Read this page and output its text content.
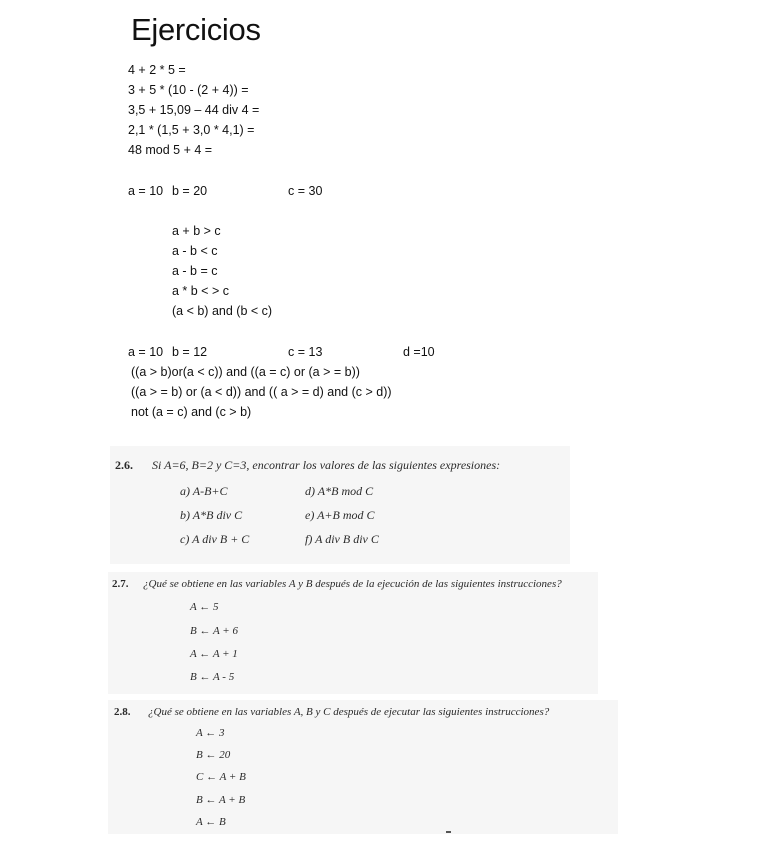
Ejercicios
4 + 2 * 5 =
3 + 5 * (10 - (2 + 4)) =
3,5 + 15,09 – 44 div 4 =
2,1 * (1,5 + 3,0 * 4,1) =
48 mod 5 + 4 =
a = 10 b = 20	c = 30
a + b > c
a - b < c
a - b = c
a * b < > c
(a < b) and (b < c)
a = 10 b = 12	c = 13	d =10
((a > b)or(a < c)) and ((a = c) or (a > = b))
((a > = b) or (a < d)) and (( a > = d) and (c > d))
not (a = c) and (c > b)
2.6. Si A=6, B=2 y C=3, encontrar los valores de las siguientes expresiones:
a) A-B+C	d) A*B mod C
b) A*B div C	e) A+B mod C
c) A div B + C	f) A div B div C
2.7. ¿Qué se obtiene en las variables A y B después de la ejecución de las siguientes instrucciones?
A ← 5
B ← A + 6
A ← A + 1
B ← A - 5
2.8. ¿Qué se obtiene en las variables A, B y C después de ejecutar las siguientes instrucciones?
A ← 3
B ← 20
C ← A + B
B ← A + B
A ← B
